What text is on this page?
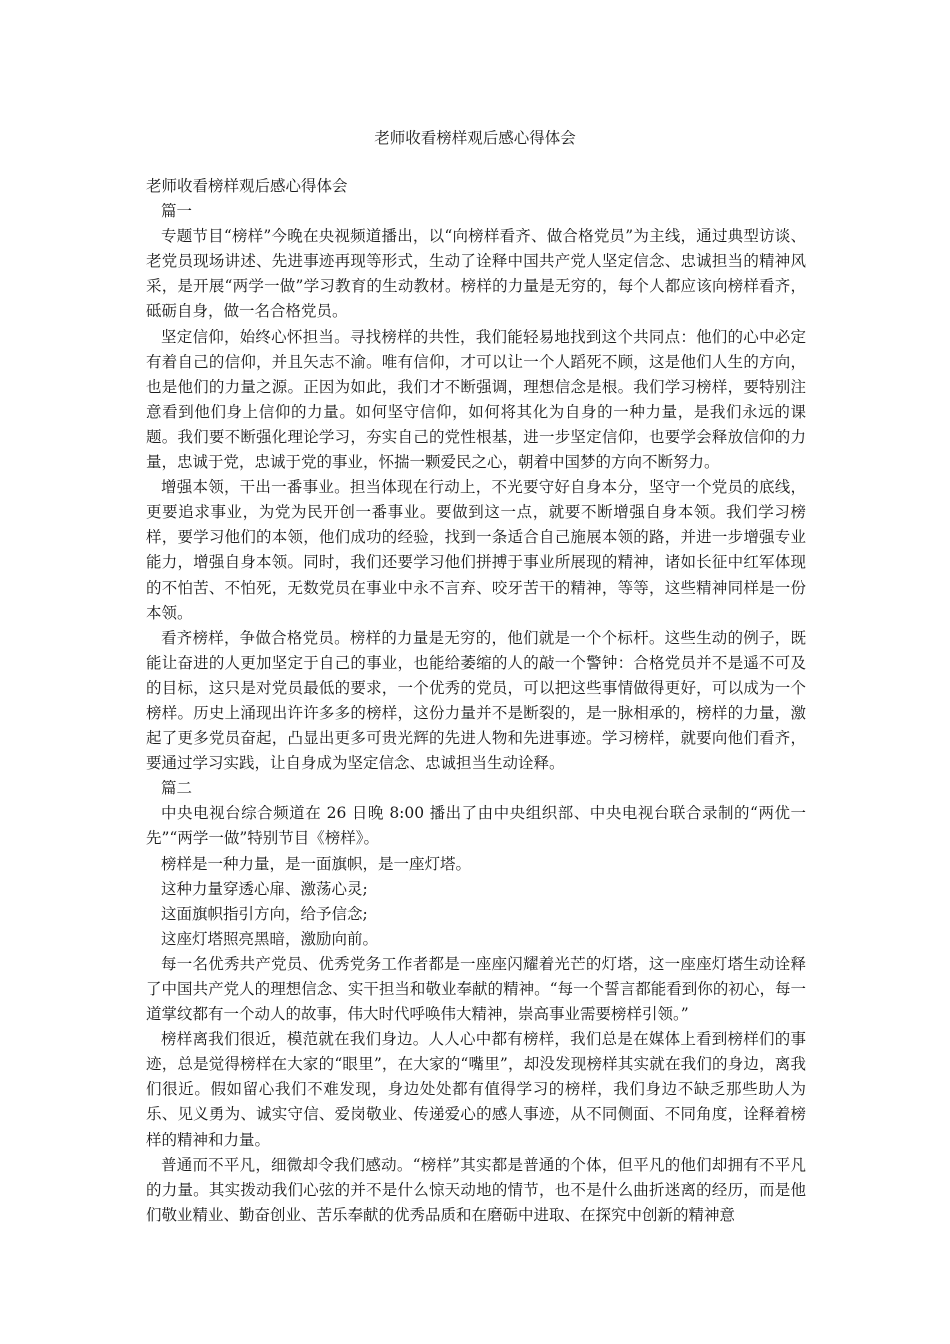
老师收看榜样观后感心得体会

老师收看榜样观后感心得体会

篇一

专题节目“榜样”今晚在央视频道播出，以“向榜样看齐、做合格党员”为主线，通过典型访谈、老党员现场讲述、先进事迹再现等形式，生动了诠释中国共产党人坚定信念、忠诚担当的精神风采，是开展“两学一做”学习教育的生动教材。榜样的力量是无穷的，每个人都应该向榜样看齐，砥砺自身，做一名合格党员。

坚定信仰，始终心怀担当。寻找榜样的共性，我们能轻易地找到这个共同点：他们的心中必定有着自己的信仰，并且矢志不渝。唯有信仰，才可以让一个人蹈死不顾，这是他们人生的方向，也是他们的力量之源。正因为如此，我们才不断强调，理想信念是根。我们学习榜样，要特别注意看到他们身上信仰的力量。如何坚守信仰，如何将其化为自身的一种力量，是我们永远的课题。我们要不断强化理论学习，夯实自己的党性根基，进一步坚定信仰，也要学会释放信仰的力量，忠诚于党，忠诚于党的事业，怀揣一颗爱民之心，朝着中国梦的方向不断努力。

增强本领，干出一番事业。担当体现在行动上，不光要守好自身本分，坚守一个党员的底线，更要追求事业，为党为民开创一番事业。要做到这一点，就要不断增强自身本领。我们学习榜样，要学习他们的本领，他们成功的经验，找到一条适合自己施展本领的路，并进一步增强专业能力，增强自身本领。同时，我们还要学习他们拼搏于事业所展现的精神，诸如长征中红军体现的不怕苦、不怕死，无数党员在事业中永不言弃、咬牙苦干的精神，等等，这些精神同样是一份本领。

看齐榜样，争做合格党员。榜样的力量是无穷的，他们就是一个个标杆。这些生动的例子，既能让奋进的人更加坚定于自己的事业，也能给萎缩的人的敲一个警钟：合格党员并不是遥不可及的目标，这只是对党员最低的要求，一个优秀的党员，可以把这些事情做得更好，可以成为一个榜样。历史上涌现出许许多多的榜样，这份力量并不是断裂的，是一脉相承的，榜样的力量，激起了更多党员奋起，凸显出更多可贵光辉的先进人物和先进事迹。学习榜样，就要向他们看齐，要通过学习实践，让自身成为坚定信念、忠诚担当生动诠释。

篇二

中央电视台综合频道在 26 日晚 8:00 播出了由中央组织部、中央电视台联合录制的“两优一先”“两学一做”特别节目《榜样》。

榜样是一种力量，是一面旗帜，是一座灯塔。

这种力量穿透心扉、激荡心灵;

这面旗帜指引方向，给予信念;

这座灯塔照亮黑暗，激励向前。

每一名优秀共产党员、优秀党务工作者都是一座座闪耀着光芒的灯塔，这一座座灯塔生动诠释了中国共产党人的理想信念、实干担当和敬业奉献的精神。“每一个誓言都能看到你的初心，每一道掌纹都有一个动人的故事，伟大时代呼唤伟大精神，崇高事业需要榜样引领。”

榜样离我们很近，模范就在我们身边。人人心中都有榜样，我们总是在媒体上看到榜样们的事迹，总是觉得榜样在大家的“眼里”，在大家的“嘴里”，却没发现榜样其实就在我们的身边，离我们很近。假如留心我们不难发现，身边处处都有值得学习的榜样，我们身边不缺乏那些助人为乐、见义勇为、诚实守信、爱岗敬业、传递爱心的感人事迹，从不同侧面、不同角度，诠释着榜样的精神和力量。

普通而不平凡，细微却令我们感动。“榜样”其实都是普通的个体，但平凡的他们却拥有不平凡的力量。其实拨动我们心弦的并不是什么惊天动地的情节，也不是什么曲折迷离的经历，而是他们敬业精业、勤奋创业、苦乐奉献的优秀品质和在磨砺中进取、在探究中创新的精神意
